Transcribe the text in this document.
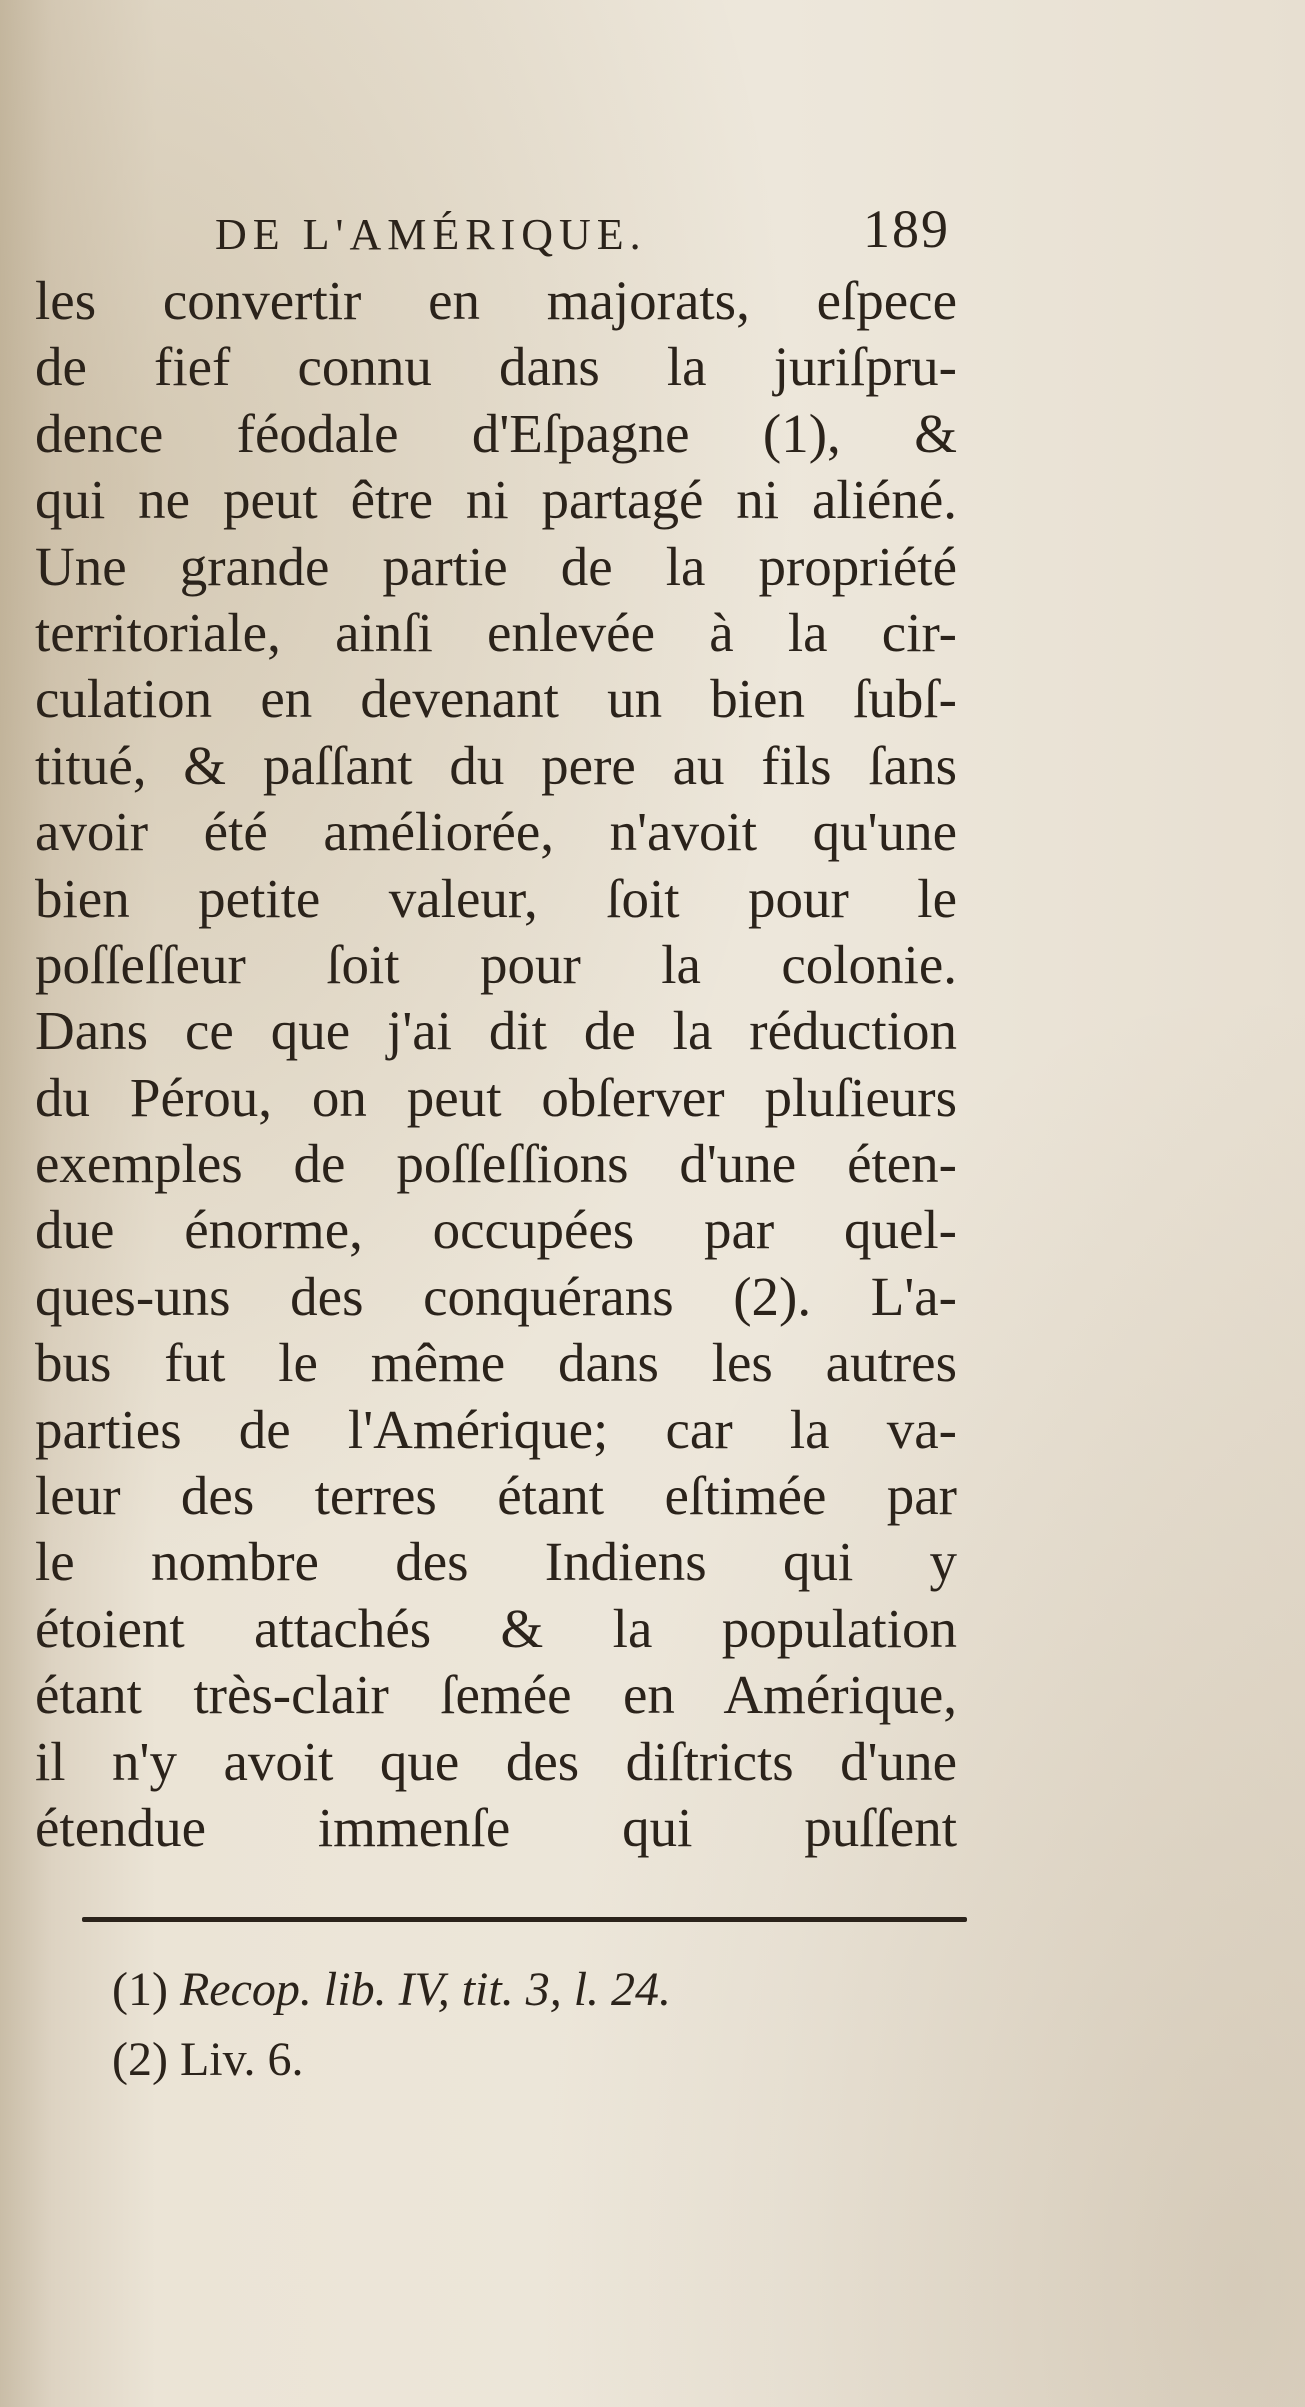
DE L'AMÉRIQUE.	189
les convertir en majorats, eſpece
de fief connu dans la juriſpru-
dence féodale d'Eſpagne (1), &
qui ne peut être ni partagé ni aliéné.
Une grande partie de la propriété
territoriale, ainſi enlevée à la cir-
culation en devenant un bien ſubſ-
titué, & paſſant du pere au fils ſans
avoir été améliorée, n'avoit qu'une
bien petite valeur, ſoit pour le
poſſeſſeur ſoit pour la colonie.
Dans ce que j'ai dit de la réduction
du Pérou, on peut obſerver pluſieurs
exemples de poſſeſſions d'une éten-
due énorme, occupées par quel-
ques-uns des conquérans (2). L'a-
bus fut le même dans les autres
parties de l'Amérique; car la va-
leur des terres étant eſtimée par
le nombre des Indiens qui y
étoient attachés & la population
étant très-clair ſemée en Amérique,
il n'y avoit que des diſtricts d'une
étendue immenſe qui puſſent
(1) Recop. lib. IV, tit. 3, l. 24.
(2) Liv. 6.
